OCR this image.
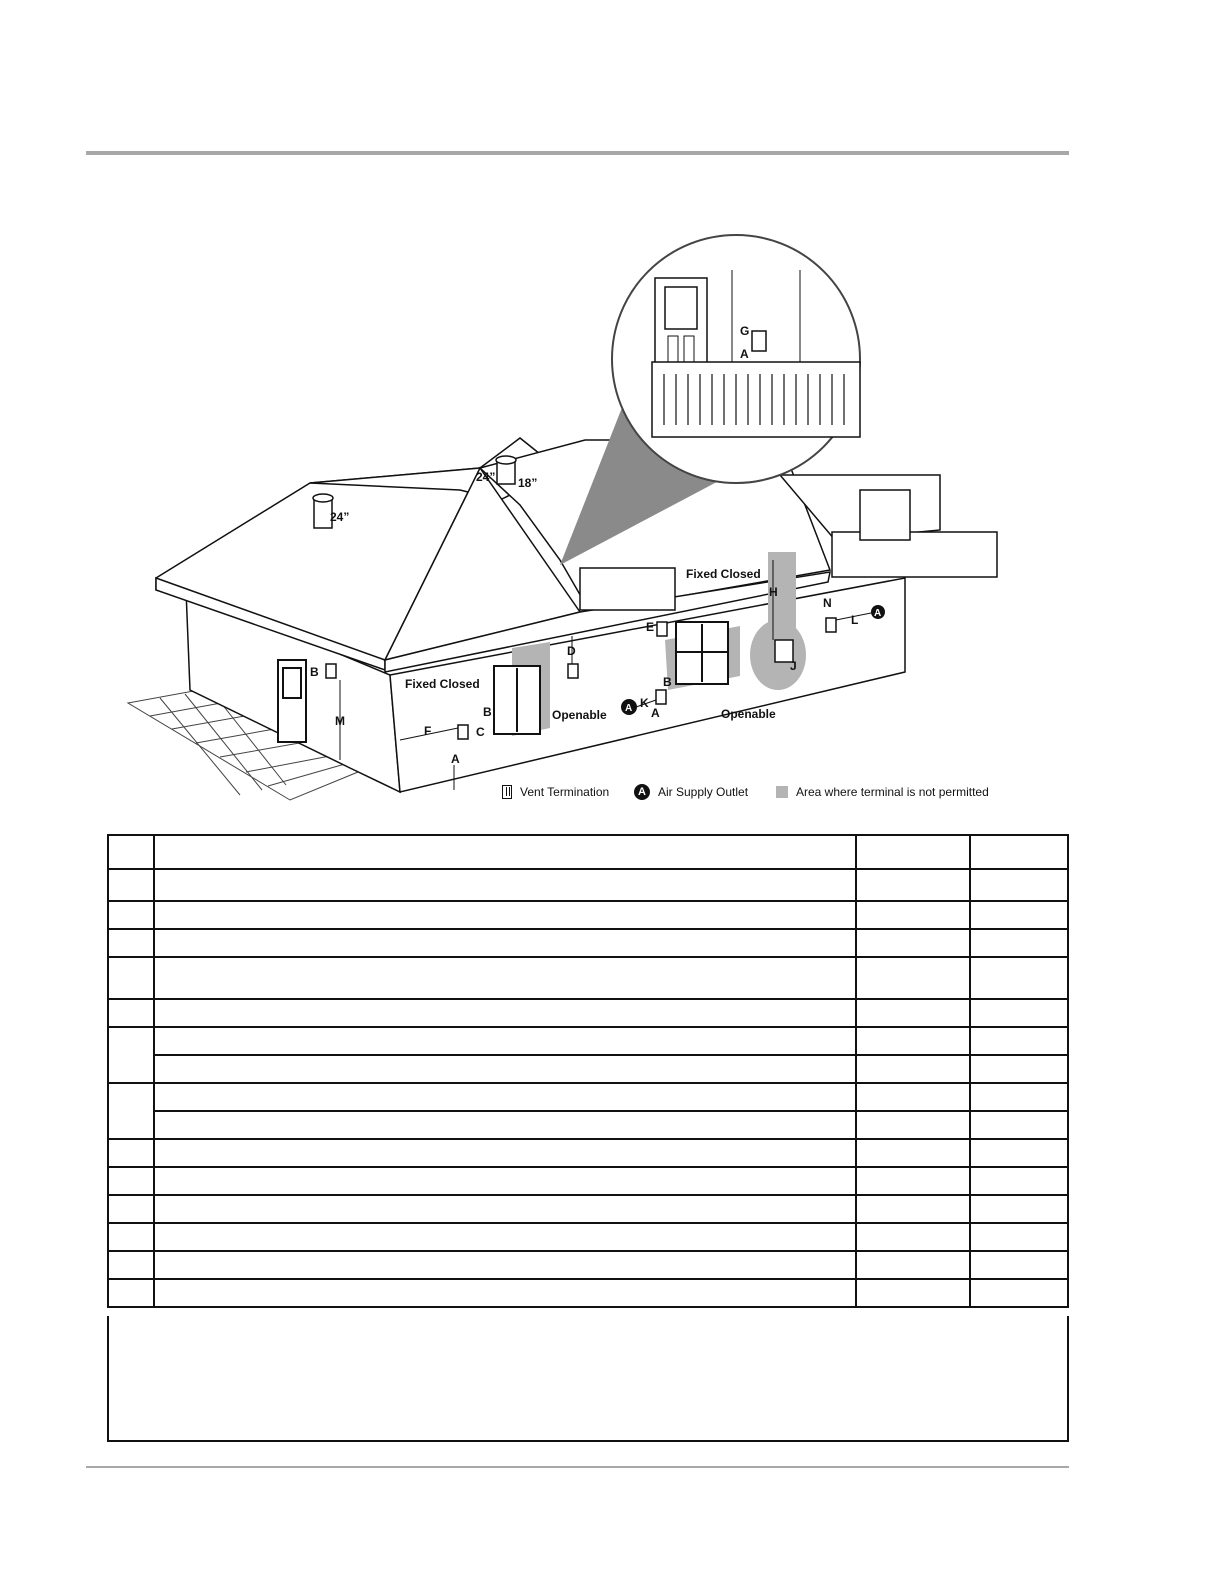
G
A
A
A
24”
24” 18”
Fixed Closed
Fixed Closed
Openable	Openable
B
B
B
C
D
E
F
H
J
K
L
M
N
A
A
Vent Termination	A	Air Supply Outlet	Area where terminal is not permitted
